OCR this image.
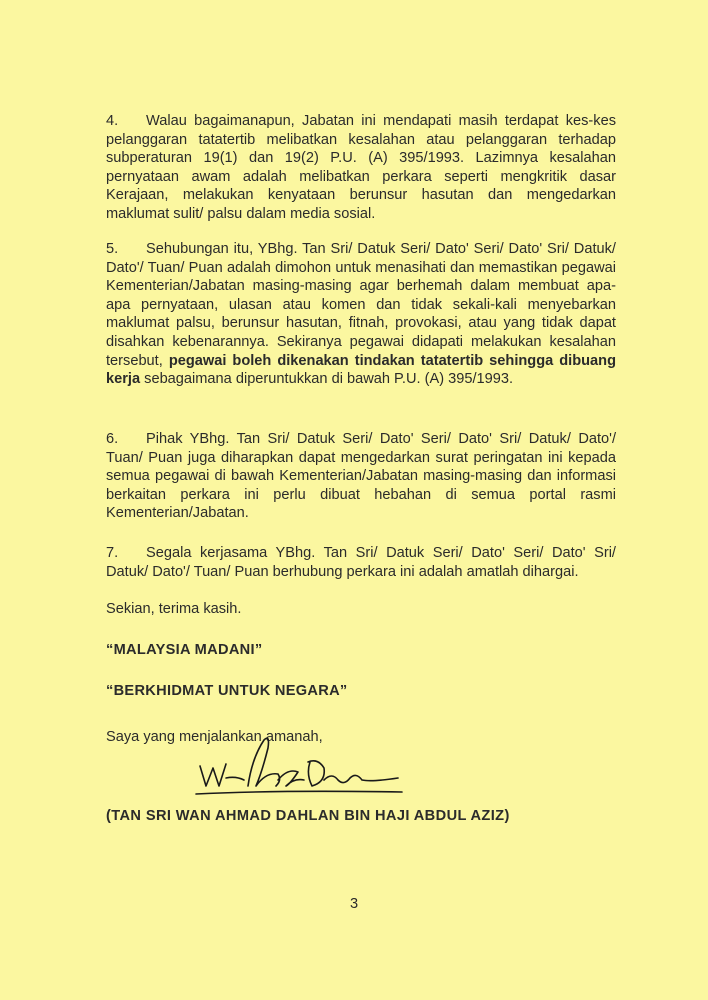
4. Walau bagaimanapun, Jabatan ini mendapati masih terdapat kes-kes pelanggaran tatatertib melibatkan kesalahan atau pelanggaran terhadap subperaturan 19(1) dan 19(2) P.U. (A) 395/1993. Lazimnya kesalahan pernyataan awam adalah melibatkan perkara seperti mengkritik dasar Kerajaan, melakukan kenyataan berunsur hasutan dan mengedarkan maklumat sulit/ palsu dalam media sosial.

5. Sehubungan itu, YBhg. Tan Sri/ Datuk Seri/ Dato' Seri/ Dato' Sri/ Datuk/ Dato'/ Tuan/ Puan adalah dimohon untuk menasihati dan memastikan pegawai Kementerian/Jabatan masing-masing agar berhemah dalam membuat apa-apa pernyataan, ulasan atau komen dan tidak sekali-kali menyebarkan maklumat palsu, berunsur hasutan, fitnah, provokasi, atau yang tidak dapat disahkan kebenarannya. Sekiranya pegawai didapati melakukan kesalahan tersebut, pegawai boleh dikenakan tindakan tatatertib sehingga dibuang kerja sebagaimana diperuntukkan di bawah P.U. (A) 395/1993.

6. Pihak YBhg. Tan Sri/ Datuk Seri/ Dato' Seri/ Dato' Sri/ Datuk/ Dato'/ Tuan/ Puan juga diharapkan dapat mengedarkan surat peringatan ini kepada semua pegawai di bawah Kementerian/Jabatan masing-masing dan informasi berkaitan perkara ini perlu dibuat hebahan di semua portal rasmi Kementerian/Jabatan.

7. Segala kerjasama YBhg. Tan Sri/ Datuk Seri/ Dato' Seri/ Dato' Sri/ Datuk/ Dato'/ Tuan/ Puan berhubung perkara ini adalah amatlah dihargai.

Sekian, terima kasih.

“MALAYSIA MADANI”

“BERKHIDMAT UNTUK NEGARA”

Saya yang menjalankan amanah,

(TAN SRI WAN AHMAD DAHLAN BIN HAJI ABDUL AZIZ)

3
